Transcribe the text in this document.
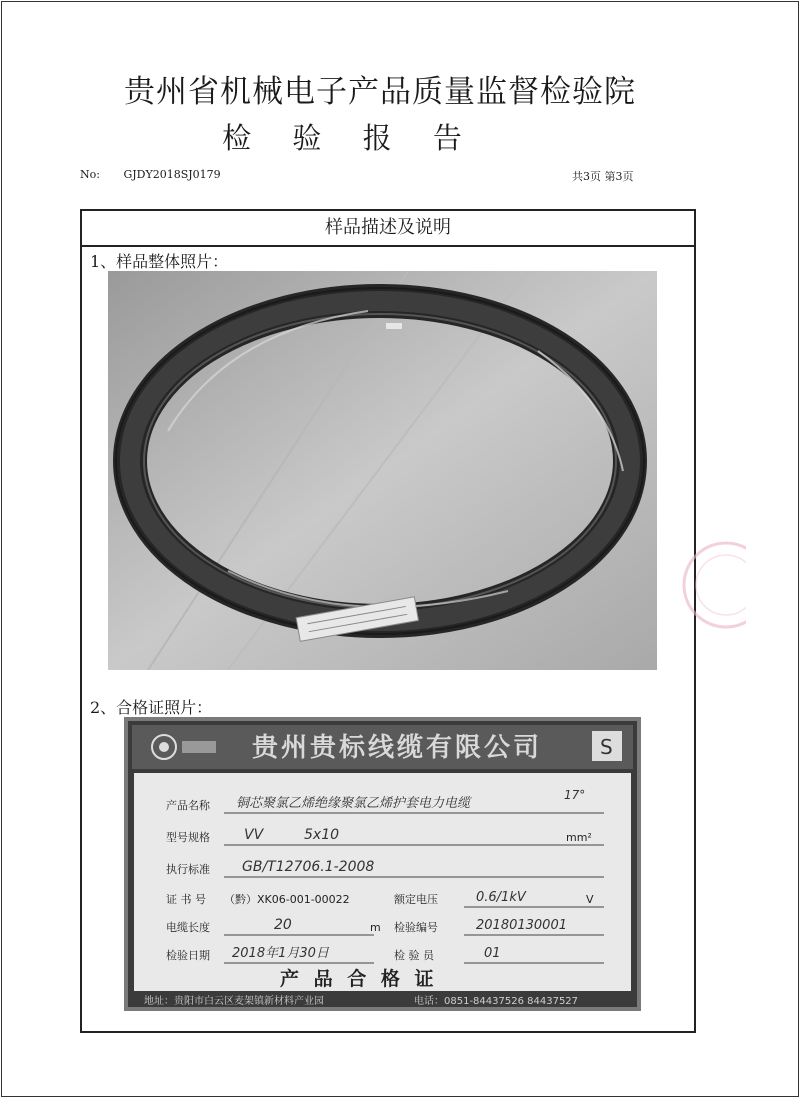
贵州省机械电子产品质量监督检验院
检 验 报 告
No: GJDY2018SJ0179	共3页 第3页
样品描述及说明
1、样品整体照片：
2、合格证照片：
贵州贵标线缆有限公司	S
产品名称 铜芯聚氯乙烯绝缘聚氯乙烯护套电力电缆
17°
型号规格 VV	5x10	mm²
执行标准 GB/T12706.1-2008
证 书 号 （黔）XK06-001-00022	额定电压	0.6/1kV	V
电缆长度	20	m 检验编号	20180130001
检验日期 2018年1月30日	检 验 员	01
产 品 合 格 证
地址： 贵阳市白云区麦架镇新材料产业园	电话： 0851-84437526 84437527
